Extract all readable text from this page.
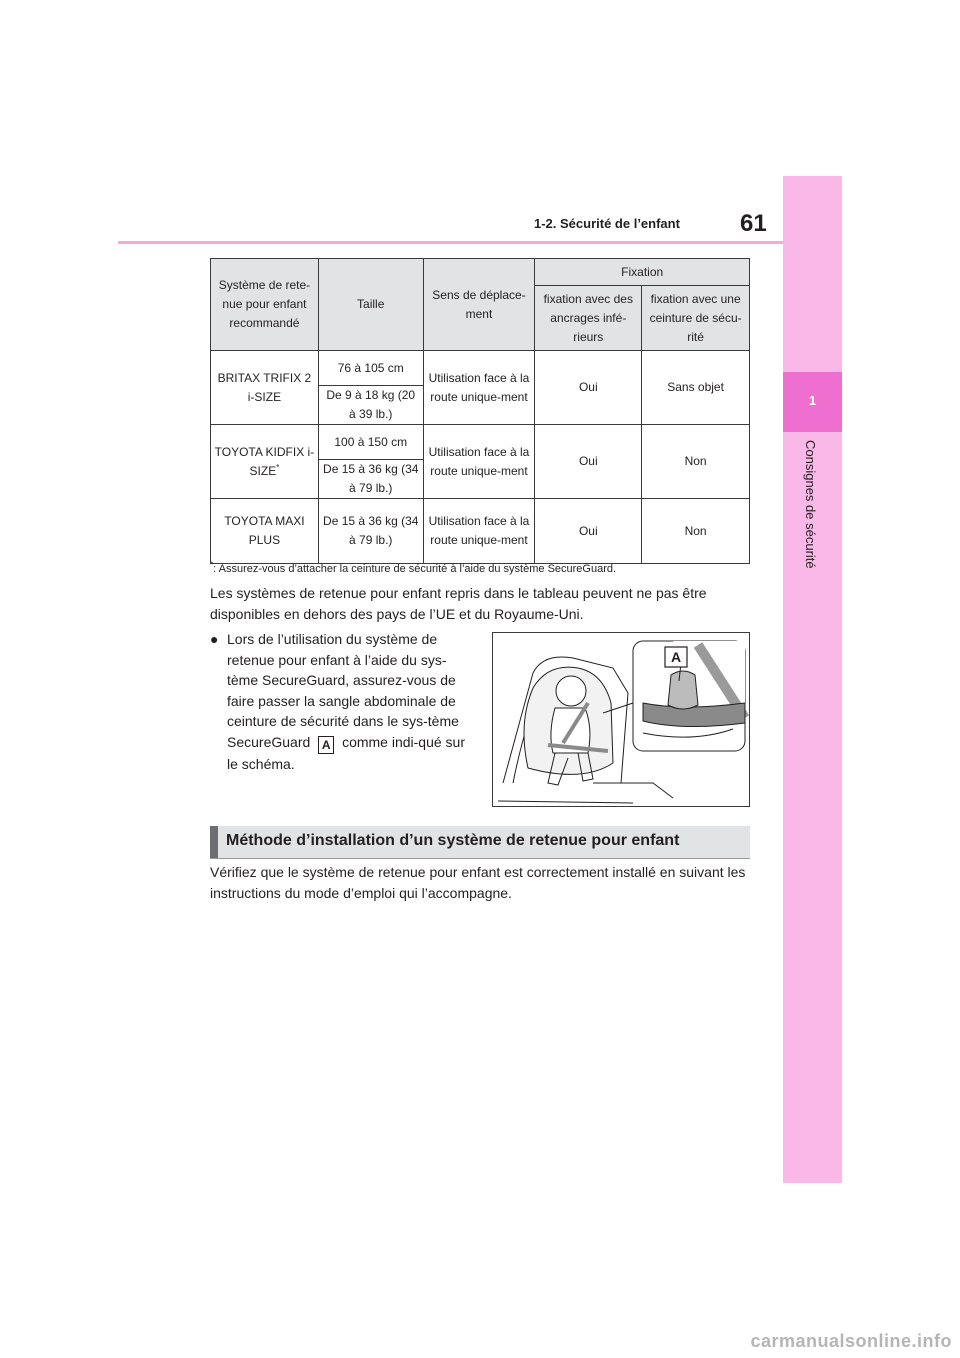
1
Consignes de sécurité
1-2. Sécurité de l’enfant	61
Système de rete-nue pour enfant recommandé	Taille	Sens de déplace-ment	Fixation	
			fixation avec des ancrages infé-rieurs	fixation avec une ceinture de sécu-rité
BRITAX TRIFIX 2 i-SIZE	76 à 105 cm	Utilisation face à la route unique-ment	Oui	Sans objet
	De 9 à 18 kg (20 à 39 lb.)			
TOYOTA KIDFIX i-SIZE*	100 à 150 cm	Utilisation face à la route unique-ment	Oui	Non
	De 15 à 36 kg (34 à 79 lb.)			
TOYOTA MAXI PLUS	De 15 à 36 kg (34 à 79 lb.)	Utilisation face à la route unique-ment	Oui	Non
*: Assurez-vous d’attacher la ceinture de sécurité à l’aide du système SecureGuard.
Les systèmes de retenue pour enfant repris dans le tableau peuvent ne pas être disponibles en dehors des pays de l’UE et du Royaume-Uni.
● Lors de l’utilisation du système de retenue pour enfant à l’aide du sys-tème SecureGuard, assurez-vous de faire passer la sangle abdominale de ceinture de sécurité dans le sys-tème SecureGuard A comme indi-qué sur le schéma.
A
Méthode d’installation d’un système de retenue pour enfant
Vérifiez que le système de retenue pour enfant est correctement installé en suivant les instructions du mode d’emploi qui l’accompagne.
carmanualsonline.info
